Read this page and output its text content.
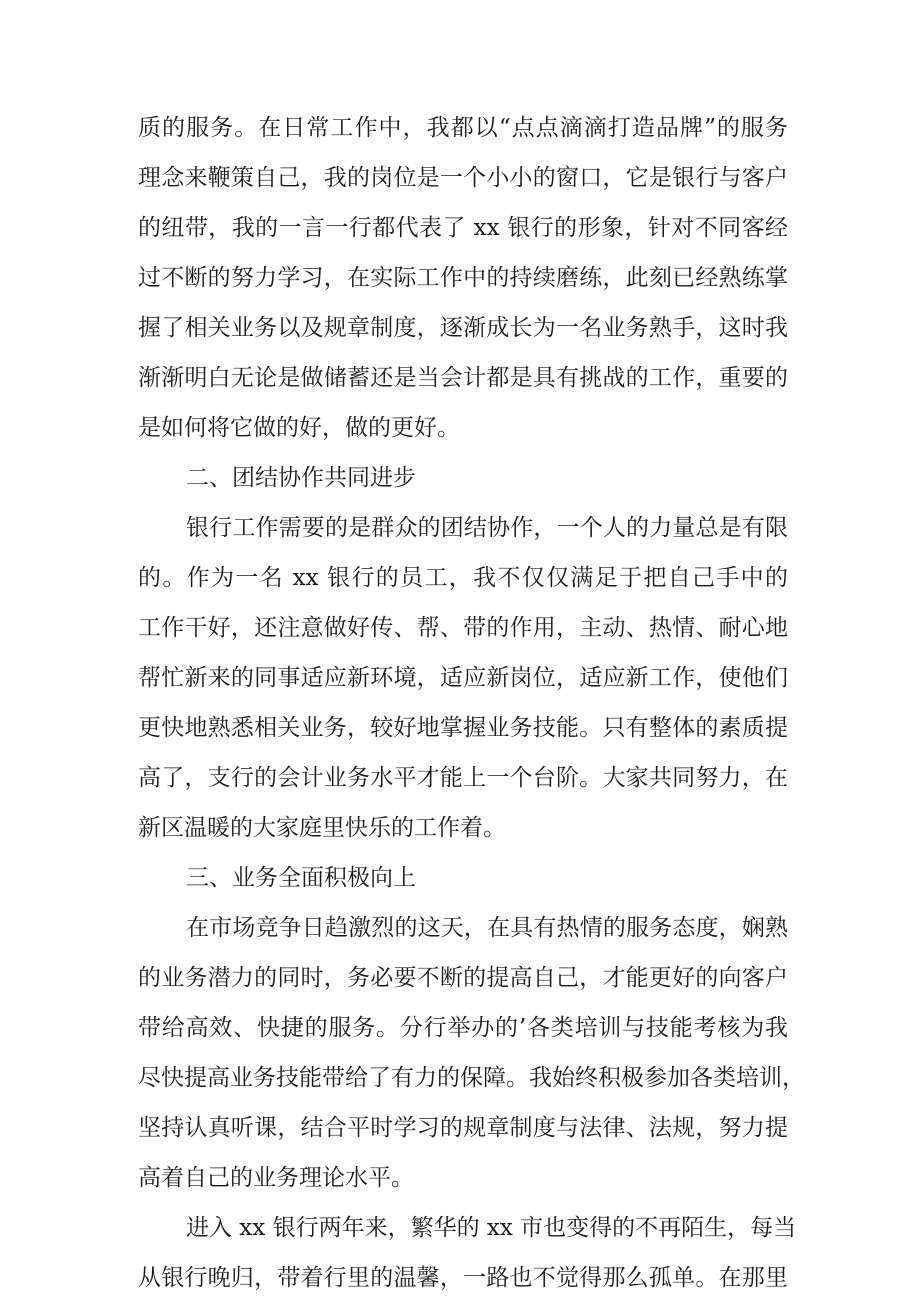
质的服务。在日常工作中，我都以“点点滴滴打造品牌”的服务
理念来鞭策自己，我的岗位是一个小小的窗口，它是银行与客户
的纽带，我的一言一行都代表了 xx 银行的形象，针对不同客经
过不断的努力学习，在实际工作中的持续磨练，此刻已经熟练掌
握了相关业务以及规章制度，逐渐成长为一名业务熟手，这时我
渐渐明白无论是做储蓄还是当会计都是具有挑战的工作，重要的
是如何将它做的好，做的更好。
二、团结协作共同进步
银行工作需要的是群众的团结协作，一个人的力量总是有限
的。作为一名 xx 银行的员工，我不仅仅满足于把自己手中的
工作干好，还注意做好传、帮、带的作用，主动、热情、耐心地
帮忙新来的同事适应新环境，适应新岗位，适应新工作，使他们
更快地熟悉相关业务，较好地掌握业务技能。只有整体的素质提
高了，支行的会计业务水平才能上一个台阶。大家共同努力，在
新区温暖的大家庭里快乐的工作着。
三、业务全面积极向上
在市场竞争日趋激烈的这天，在具有热情的服务态度，娴熟
的业务潜力的同时，务必要不断的提高自己，才能更好的向客户
带给高效、快捷的服务。分行举办的’各类培训与技能考核为我
尽快提高业务技能带给了有力的保障。我始终积极参加各类培训，
坚持认真听课，结合平时学习的规章制度与法律、法规，努力提
高着自己的业务理论水平。
进入 xx 银行两年来，繁华的 xx 市也变得的不再陌生，每当
从银行晚归，带着行里的温馨，一路也不觉得那么孤单。在那里
